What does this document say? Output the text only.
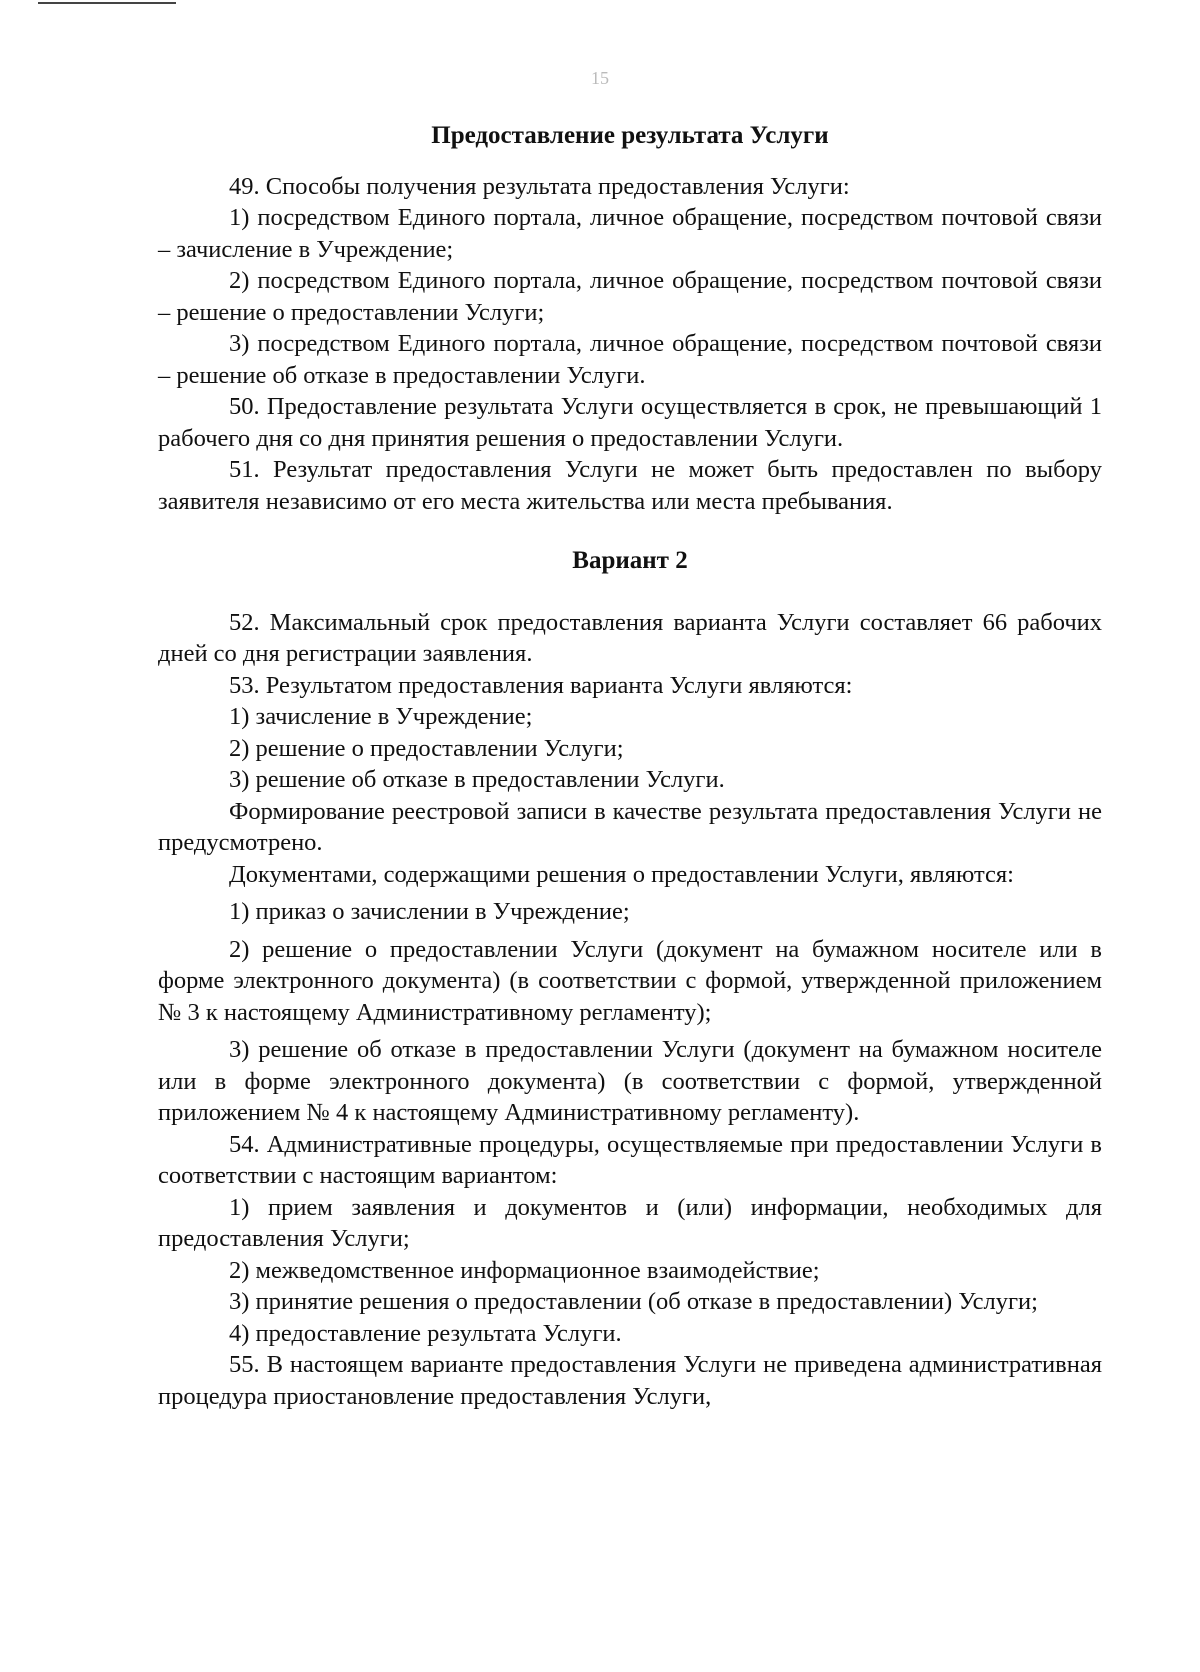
15
Предоставление результата Услуги

49. Способы получения результата предоставления Услуги:

1) посредством Единого портала, личное обращение, посредством почтовой связи – зачисление в Учреждение;

2) посредством Единого портала, личное обращение, посредством почтовой связи – решение о предоставлении Услуги;

3) посредством Единого портала, личное обращение, посредством почтовой связи – решение об отказе в предоставлении Услуги.

50. Предоставление результата Услуги осуществляется в срок, не превышающий 1 рабочего дня со дня принятия решения о предоставлении Услуги.

51. Результат предоставления Услуги не может быть предоставлен по выбору заявителя независимо от его места жительства или места пребывания.

Вариант 2

52. Максимальный срок предоставления варианта Услуги составляет 66 рабочих дней со дня регистрации заявления.

53. Результатом предоставления варианта Услуги являются:

1) зачисление в Учреждение;

2) решение о предоставлении Услуги;

3) решение об отказе в предоставлении Услуги.

Формирование реестровой записи в качестве результата предоставления Услуги не предусмотрено.

Документами, содержащими решения о предоставлении Услуги, являются:

1) приказ о зачислении в Учреждение;

2) решение о предоставлении Услуги (документ на бумажном носителе или в форме электронного документа) (в соответствии с формой, утвержденной приложением № 3 к настоящему Административному регламенту);

3) решение об отказе в предоставлении Услуги (документ на бумажном носителе или в форме электронного документа) (в соответствии с формой, утвержденной приложением № 4 к настоящему Административному регламенту).

54. Административные процедуры, осуществляемые при предоставлении Услуги в соответствии с настоящим вариантом:

1) прием заявления и документов и (или) информации, необходимых для предоставления Услуги;

2) межведомственное информационное взаимодействие;

3) принятие решения о предоставлении (об отказе в предоставлении) Услуги;

4) предоставление результата Услуги.

55. В настоящем варианте предоставления Услуги не приведена административная процедура приостановление предоставления Услуги,
